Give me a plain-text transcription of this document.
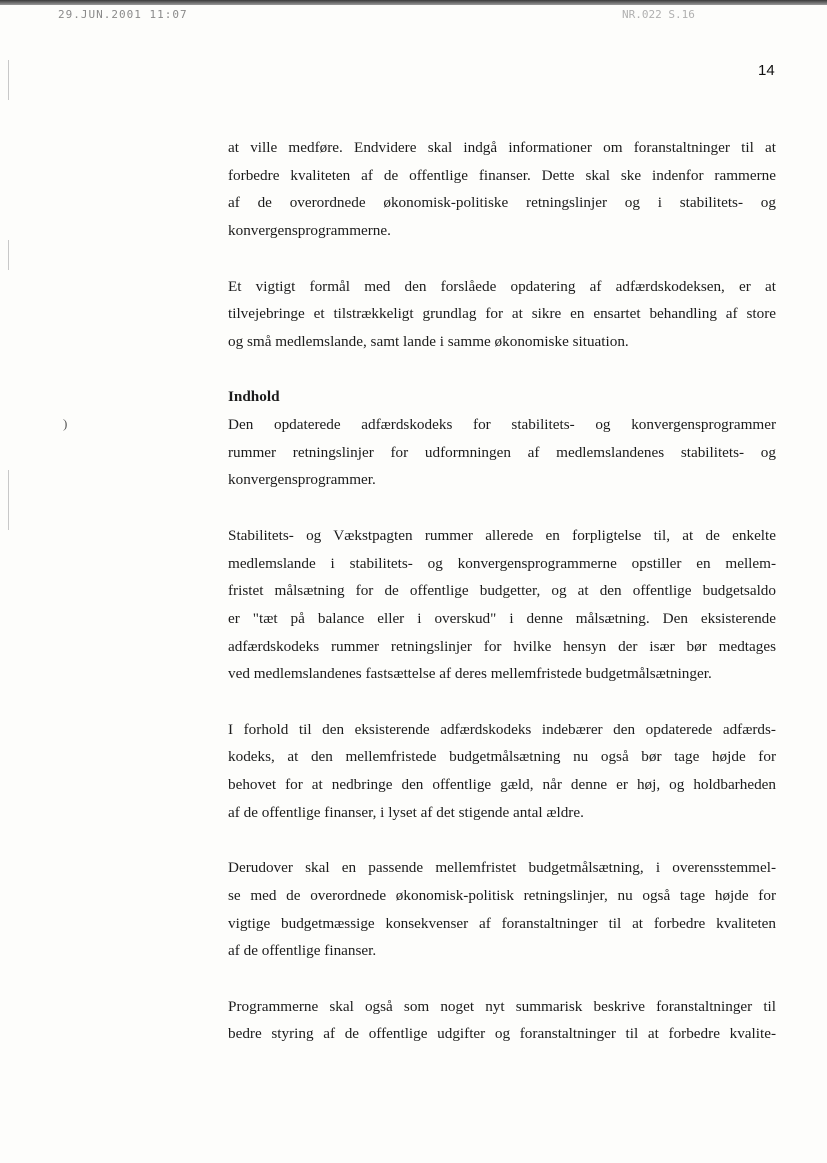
29.JUN.2001 11:07	NR.022 S.16
)
14

at ville medføre. Endvidere skal indgå informationer om foranstaltninger til at
forbedre kvaliteten af de offentlige finanser. Dette skal ske indenfor rammerne
af de overordnede økonomisk-politiske retningslinjer og i stabilitets- og
konvergensprogrammerne.

Et vigtigt formål med den forslåede opdatering af adfærdskodeksen, er at
tilvejebringe et tilstrækkeligt grundlag for at sikre en ensartet behandling af store
og små medlemslande, samt lande i samme økonomiske situation.

Indhold

Den opdaterede adfærdskodeks for stabilitets- og konvergensprogrammer
rummer retningslinjer for udformningen af medlemslandenes stabilitets- og
konvergensprogrammer.

Stabilitets- og Vækstpagten rummer allerede en forpligtelse til, at de enkelte
medlemslande i stabilitets- og konvergensprogrammerne opstiller en mellem-
fristet målsætning for de offentlige budgetter, og at den offentlige budgetsaldo
er "tæt på balance eller i overskud" i denne målsætning. Den eksisterende
adfærdskodeks rummer retningslinjer for hvilke hensyn der især bør medtages
ved medlemslandenes fastsættelse af deres mellemfristede budgetmålsætninger.

I forhold til den eksisterende adfærdskodeks indebærer den opdaterede adfærds-
kodeks, at den mellemfristede budgetmålsætning nu også bør tage højde for
behovet for at nedbringe den offentlige gæld, når denne er høj, og holdbarheden
af de offentlige finanser, i lyset af det stigende antal ældre.

Derudover skal en passende mellemfristet budgetmålsætning, i overensstemmel-
se med de overordnede økonomisk-politisk retningslinjer, nu også tage højde for
vigtige budgetmæssige konsekvenser af foranstaltninger til at forbedre kvaliteten
af de offentlige finanser.

Programmerne skal også som noget nyt summarisk beskrive foranstaltninger til
bedre styring af de offentlige udgifter og foranstaltninger til at forbedre kvalite-
